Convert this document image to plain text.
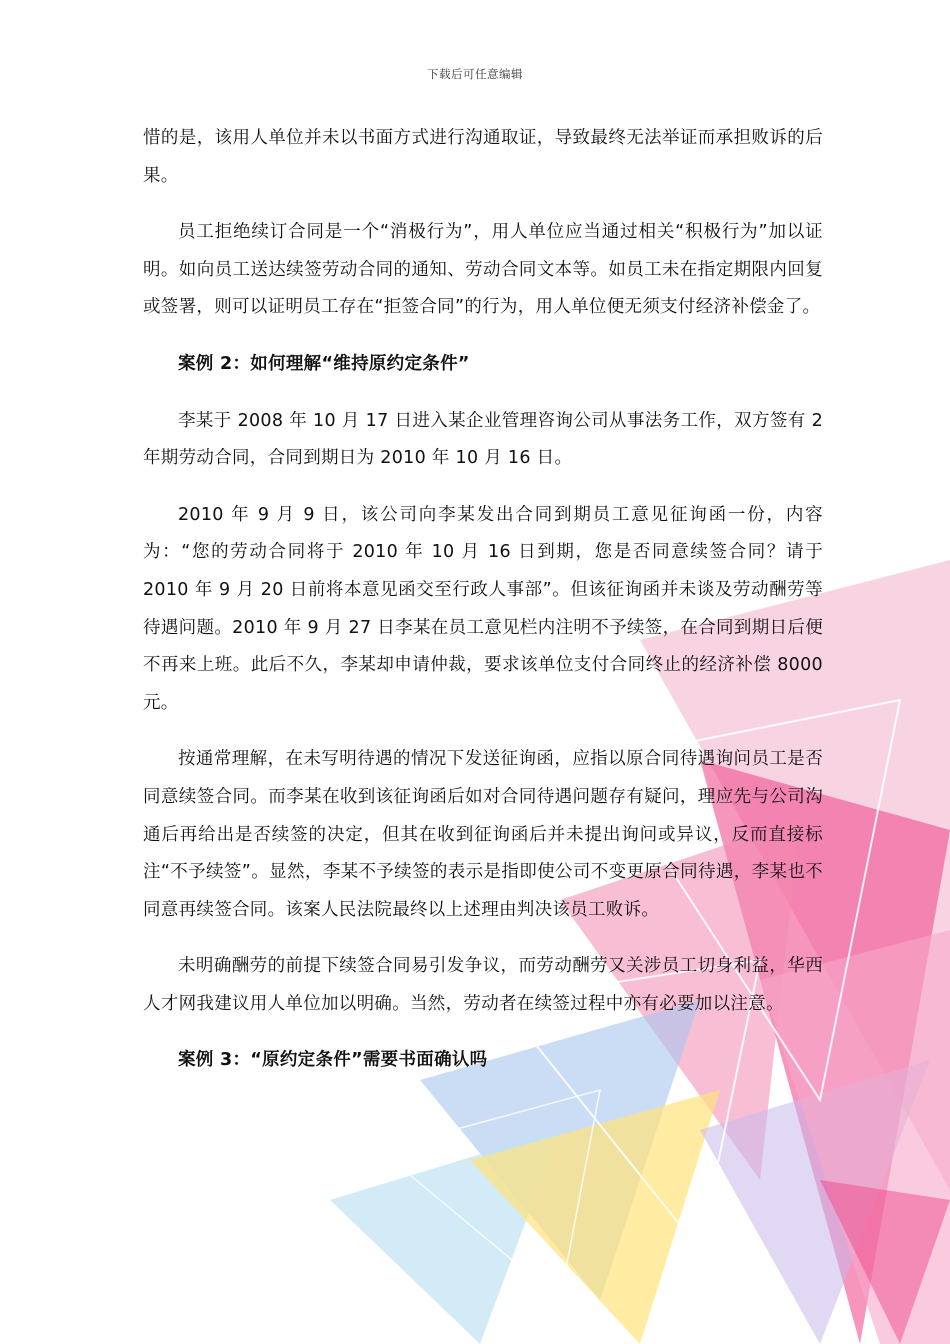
下载后可任意编辑

惜的是，该用人单位并未以书面方式进行沟通取证，导致最终无法举证而承担败诉的后果。

员工拒绝续订合同是一个“消极行为”，用人单位应当通过相关“积极行为”加以证明。如向员工送达续签劳动合同的通知、劳动合同文本等。如员工未在指定期限内回复或签署，则可以证明员工存在“拒签合同”的行为，用人单位便无须支付经济补偿金了。

案例 2：如何理解“维持原约定条件”

李某于 2008 年 10 月 17 日进入某企业管理咨询公司从事法务工作，双方签有 2 年期劳动合同，合同到期日为 2010 年 10 月 16 日。

2010 年 9 月 9 日，该公司向李某发出合同到期员工意见征询函一份，内容为：“您的劳动合同将于 2010 年 10 月 16 日到期，您是否同意续签合同？请于 2010 年 9 月 20 日前将本意见函交至行政人事部”。但该征询函并未谈及劳动酬劳等待遇问题。2010 年 9 月 27 日李某在员工意见栏内注明不予续签，在合同到期日后便不再来上班。此后不久，李某却申请仲裁，要求该单位支付合同终止的经济补偿 8000 元。

按通常理解，在未写明待遇的情况下发送征询函，应指以原合同待遇询问员工是否同意续签合同。而李某在收到该征询函后如对合同待遇问题存有疑问，理应先与公司沟通后再给出是否续签的决定，但其在收到征询函后并未提出询问或异议，反而直接标注“不予续签”。显然，李某不予续签的表示是指即使公司不变更原合同待遇，李某也不同意再续签合同。该案人民法院最终以上述理由判决该员工败诉。

未明确酬劳的前提下续签合同易引发争议，而劳动酬劳又关涉员工切身利益，华西人才网我建议用人单位加以明确。当然，劳动者在续签过程中亦有必要加以注意。

案例 3：“原约定条件”需要书面确认吗
